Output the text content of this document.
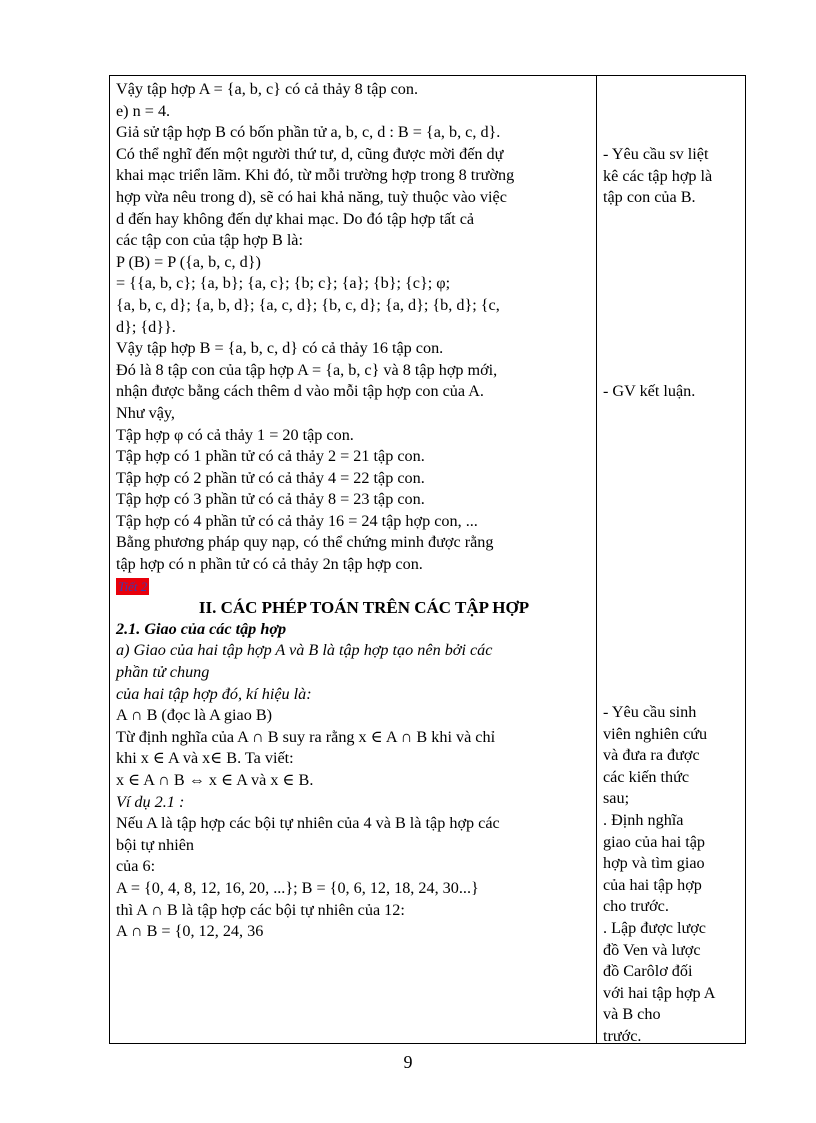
Vậy tập hợp A = {a, b, c} có cả thảy 8 tập con.
e) n = 4.
Giả sử tập hợp B có bốn phần tử a, b, c, d : B = {a, b, c, d}.
Có thể nghĩ đến một người thứ tư, d, cũng được mời đến dự
khai mạc triển lãm. Khi đó, từ mỗi trường hợp trong 8 trường
hợp vừa nêu trong d), sẽ có hai khả năng, tuỳ thuộc vào việc
d đến hay không đến dự khai mạc. Do đó tập hợp tất cả
các tập con của tập hợp B là:
P (B) = P ({a, b, c, d})
= {{a, b, c}; {a, b}; {a, c}; {b; c}; {a}; {b}; {c}; φ;
{a, b, c, d}; {a, b, d}; {a, c, d}; {b, c, d}; {a, d}; {b, d}; {c,
d}; {d}}.
Vậy tập hợp B = {a, b, c, d} có cả thảy 16 tập con.
Đó là 8 tập con của tập hợp A = {a, b, c} và 8 tập hợp mới,
nhận được bằng cách thêm d vào mỗi tập hợp con của A.
Như vậy,
Tập hợp φ có cả thảy 1 = 20 tập con.
Tập hợp có 1 phần tử có cả thảy 2 = 21 tập con.
Tập hợp có 2 phần tử có cả thảy 4 = 22 tập con.
Tập hợp có 3 phần tử có cả thảy 8 = 23 tập con.
Tập hợp có 4 phần tử có cả thảy 16 = 24 tập hợp con, ...
Bằng phương pháp quy nạp, có thể chứng minh được rằng
tập hợp có n phần tử có cả thảy 2n tập hợp con.
Tiết 2
II. CÁC PHÉP TOÁN TRÊN CÁC TẬP HỢP
2.1. Giao của các tập hợp
a) Giao của hai tập hợp A và B là tập hợp tạo nên bởi các
phần tử chung
của hai tập hợp đó, kí hiệu là:
A ∩ B (đọc là A giao B)
Từ định nghĩa của A ∩ B suy ra rằng x ∈ A ∩ B khi và chỉ
khi x ∈ A và x∈ B. Ta viết:
x ∈ A ∩ B ⇔ x ∈ A và x ∈ B.
Ví dụ 2.1 :
Nếu A là tập hợp các bội tự nhiên của 4 và B là tập hợp các
bội tự nhiên
của 6:
A = {0, 4, 8, 12, 16, 20, ...}; B = {0, 6, 12, 18, 24, 30...}
thì A ∩ B là tập hợp các bội tự nhiên của 12:
A ∩ B = {0, 12, 24, 36
- Yêu cầu sv liệt
kê các tập hợp là
tập con của B.
- GV kết luận.
- Yêu cầu sinh
viên nghiên cứu
và đưa ra được
các kiến thức
sau;
. Định nghĩa
giao của hai tập
hợp và tìm giao
của hai tập hợp
cho trước.
. Lập được lược
đồ Ven và lược
đồ Carôlơ đối
với hai tập hợp A
và B cho
trước.
9
